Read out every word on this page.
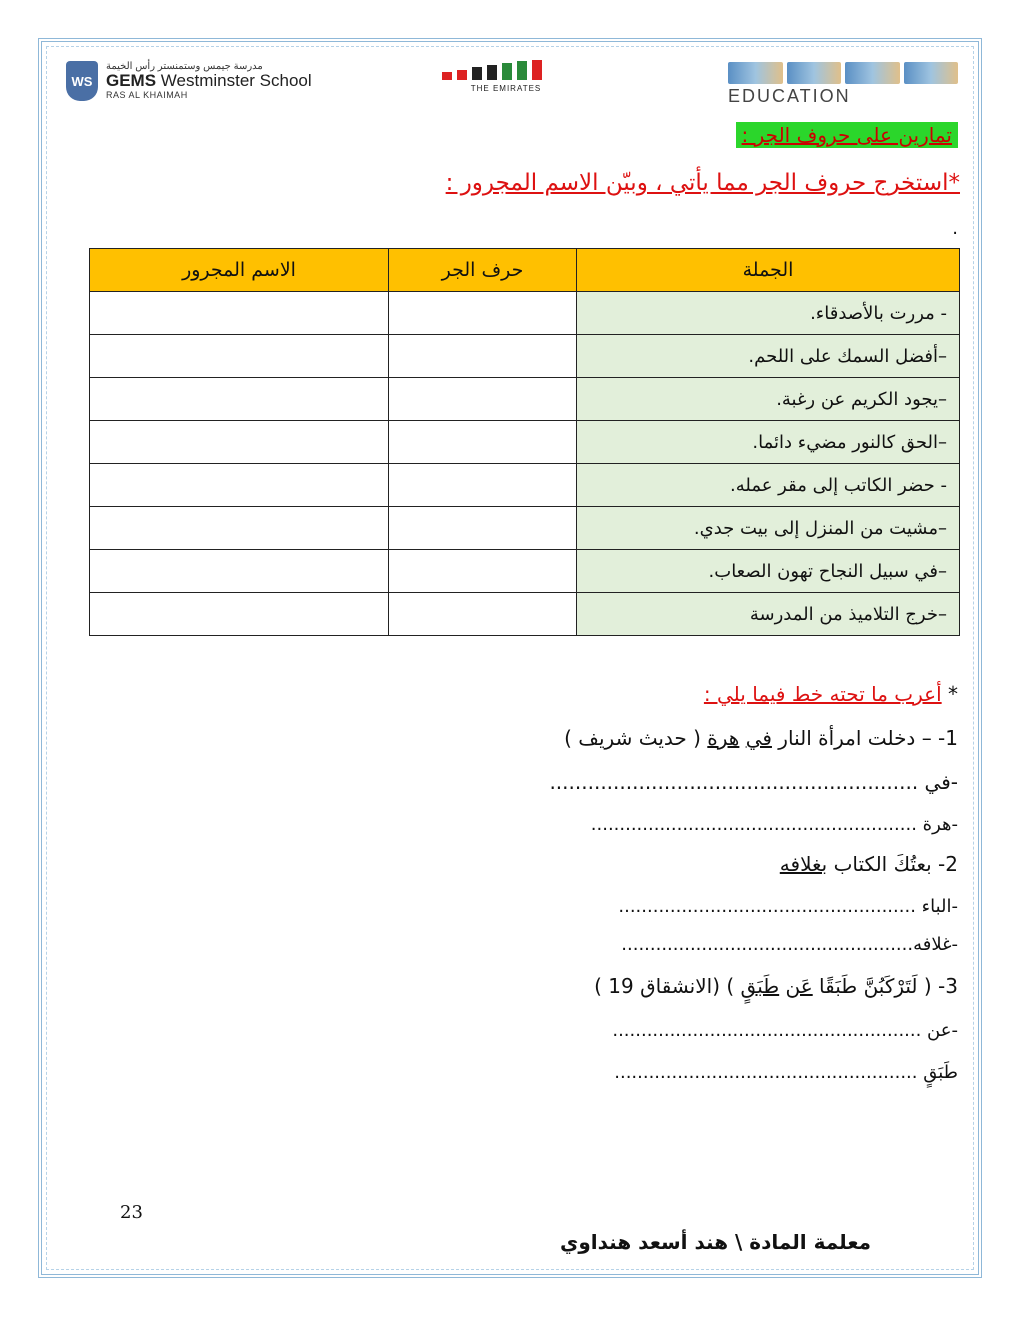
WS
مدرسة جيمس وستمنستر رأس الخيمة
GEMS Westminster School
RAS AL KHAIMAH
THE EMIRATES	EDUCATION
تمارين على حروف الجر :
*استخرج حروف الجر مما يأتي ، وبيّن الاسم المجرور :
.
الجملة	حرف الجر	الاسم المجرور
- مررت بالأصدقاء.		
–أفضل السمك على اللحم.		
–يجود الكريم عن رغبة.		
–الحق كالنور مضيء دائما.		
- حضر الكاتب إلى مقر عمله.		
–مشيت من المنزل إلى بيت جدي.		
–في سبيل النجاح تهون الصعاب.		
–خرج التلاميذ من المدرسة		
* أعرب ما تحته خط فيما يلي :
1- – دخلت امرأة النار في هرة ( حديث شريف )
-في ..........................................................
-هرة .........................................................
2- بعتُكَ الكتاب بغلافه
-الباء ....................................................
-غلافه...................................................
3- ( لَتَرْكَبُنَّ طَبَقًا عَن طَبَقٍ ) (الانشقاق 19 )
-عن ......................................................
طَبَقٍ .....................................................
23
معلمة المادة \ هند أسعد هنداوي
